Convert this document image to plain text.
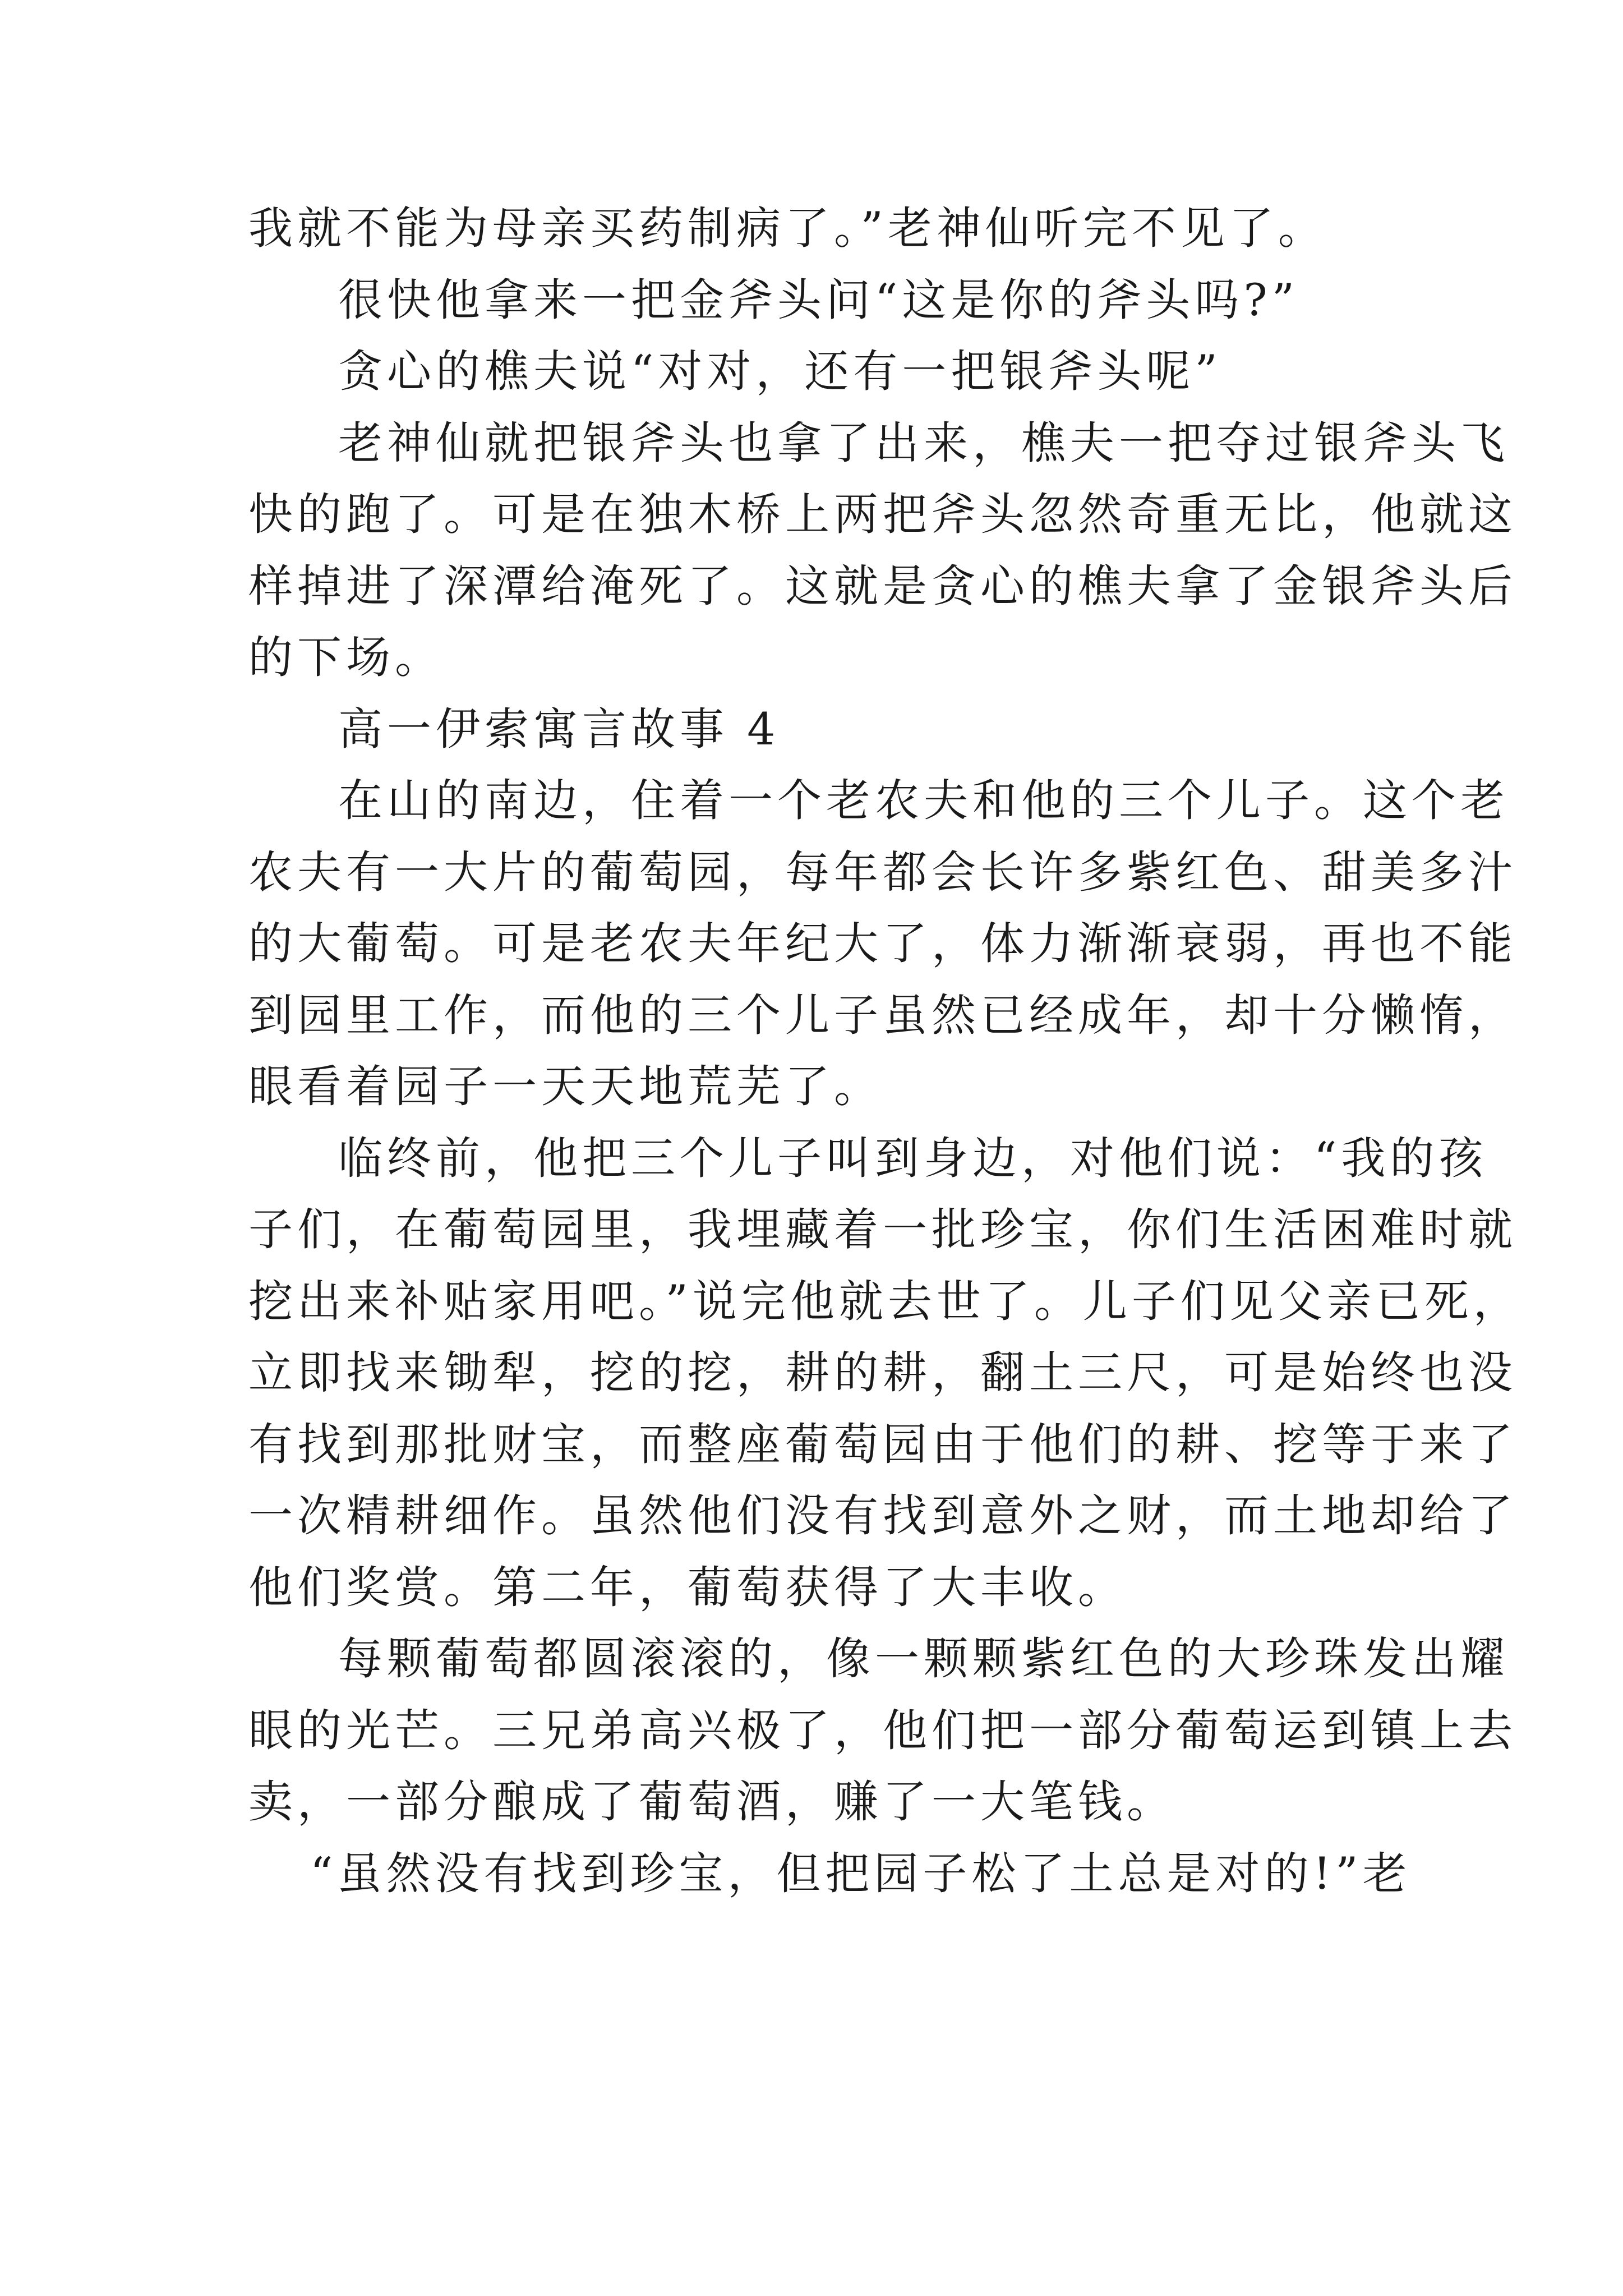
我就不能为母亲买药制病了。”老神仙听完不见了。
很快他拿来一把金斧头问“这是你的斧头吗?”
贪心的樵夫说“对对，还有一把银斧头呢”
老神仙就把银斧头也拿了出来，樵夫一把夺过银斧头飞
快的跑了。可是在独木桥上两把斧头忽然奇重无比，他就这
样掉进了深潭给淹死了。这就是贪心的樵夫拿了金银斧头后
的下场。
高一伊索寓言故事 4
在山的南边，住着一个老农夫和他的三个儿子。这个老
农夫有一大片的葡萄园，每年都会长许多紫红色、甜美多汁
的大葡萄。可是老农夫年纪大了，体力渐渐衰弱，再也不能
到园里工作，而他的三个儿子虽然已经成年，却十分懒惰，
眼看着园子一天天地荒芜了。
临终前，他把三个儿子叫到身边，对他们说：“我的孩
子们，在葡萄园里，我埋藏着一批珍宝，你们生活困难时就
挖出来补贴家用吧。”说完他就去世了。儿子们见父亲已死，
立即找来锄犁，挖的挖，耕的耕，翻土三尺，可是始终也没
有找到那批财宝，而整座葡萄园由于他们的耕、挖等于来了
一次精耕细作。虽然他们没有找到意外之财，而土地却给了
他们奖赏。第二年，葡萄获得了大丰收。
每颗葡萄都圆滚滚的，像一颗颗紫红色的大珍珠发出耀
眼的光芒。三兄弟高兴极了，他们把一部分葡萄运到镇上去
卖，一部分酿成了葡萄酒，赚了一大笔钱。
“虽然没有找到珍宝，但把园子松了土总是对的!”老
